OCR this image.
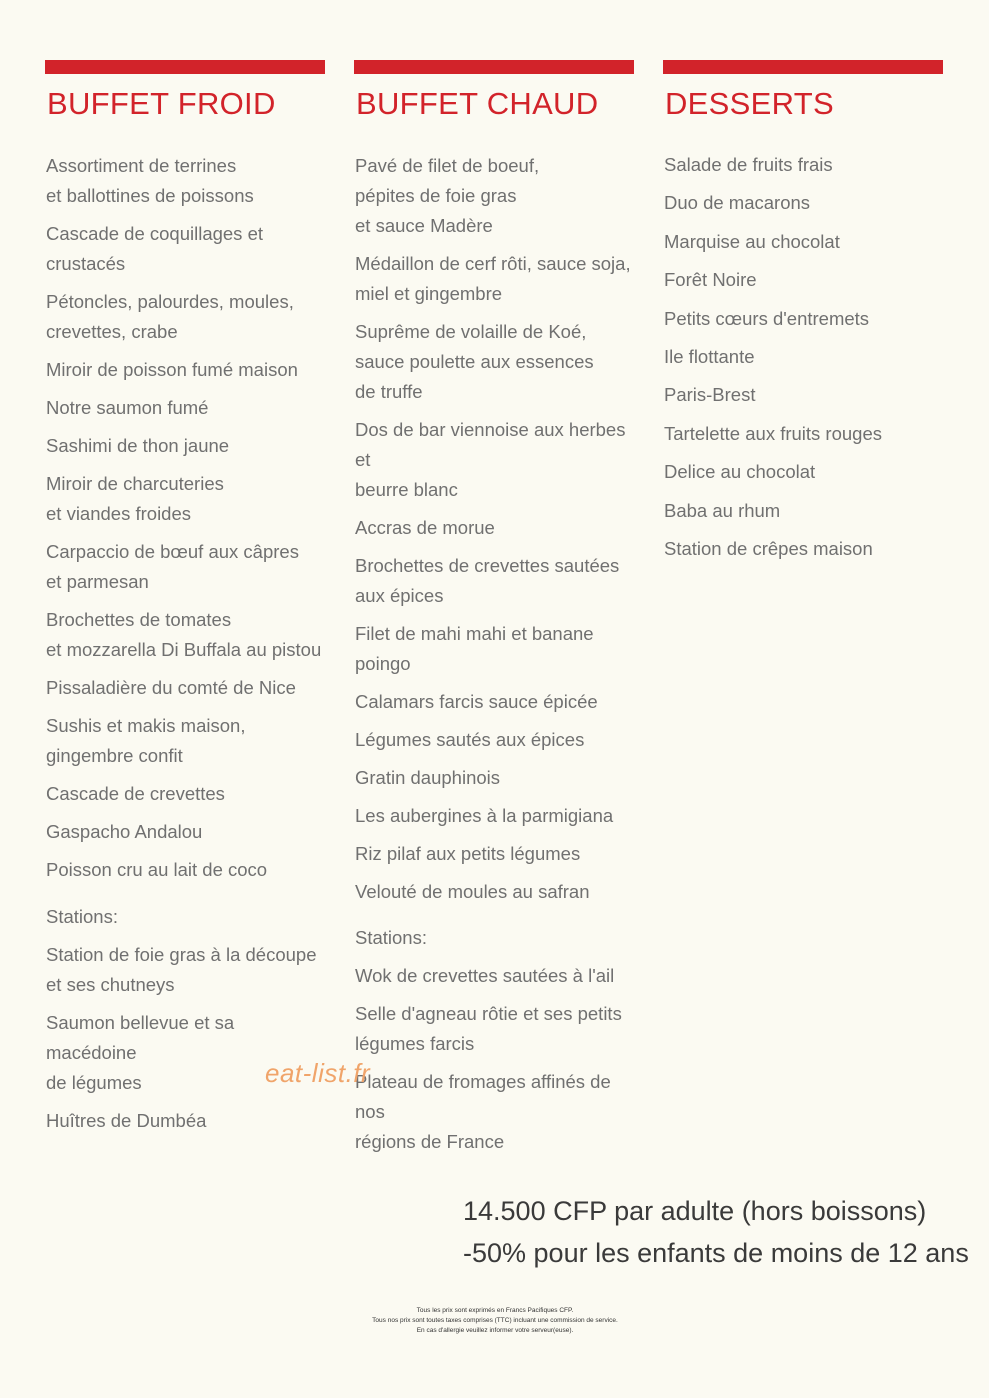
BUFFET FROID
Assortiment de terrines
et ballottines de poissons
Cascade de coquillages et crustacés
Pétoncles, palourdes, moules,
crevettes, crabe
Miroir de poisson fumé maison
Notre saumon fumé
Sashimi de thon jaune
Miroir de charcuteries
et viandes froides
Carpaccio de bœuf aux câpres
et parmesan
Brochettes de tomates
et mozzarella Di Buffala au pistou
Pissaladière du comté de Nice
Sushis et makis maison,
gingembre confit
Cascade de crevettes
Gaspacho Andalou
Poisson cru au lait de coco
Stations:
Station de foie gras à la découpe
et ses chutneys
Saumon bellevue et sa macédoine
de légumes
Huîtres de Dumbéa
BUFFET CHAUD
Pavé de filet de boeuf,
pépites de foie gras
et sauce Madère
Médaillon de cerf rôti, sauce soja,
miel et gingembre
Suprême de volaille de Koé,
sauce poulette aux essences
de truffe
Dos de bar viennoise aux herbes et
beurre blanc
Accras de morue
Brochettes de crevettes sautées
aux épices
Filet de mahi mahi et banane
poingo
Calamars farcis sauce épicée
Légumes sautés aux épices
Gratin dauphinois
Les aubergines à la parmigiana
Riz pilaf aux petits légumes
Velouté de moules au safran
Stations:
Wok de crevettes sautées à l'ail
Selle d'agneau rôtie et ses petits
légumes farcis
Plateau de fromages affinés de nos
régions de France
DESSERTS
Salade de fruits frais
Duo de macarons
Marquise au chocolat
Forêt Noire
Petits cœurs d'entremets
Ile flottante
Paris-Brest
Tartelette aux fruits rouges
Delice au chocolat
Baba au rhum
Station de crêpes maison
eat-list.fr
14.500 CFP par adulte (hors boissons)
-50% pour les enfants de moins de 12 ans
Tous les prix sont exprimés en Francs Pacifiques CFP.
Tous nos prix sont toutes taxes comprises (TTC) incluant une commission de service.
En cas d'allergie veuillez informer votre serveur(euse).
